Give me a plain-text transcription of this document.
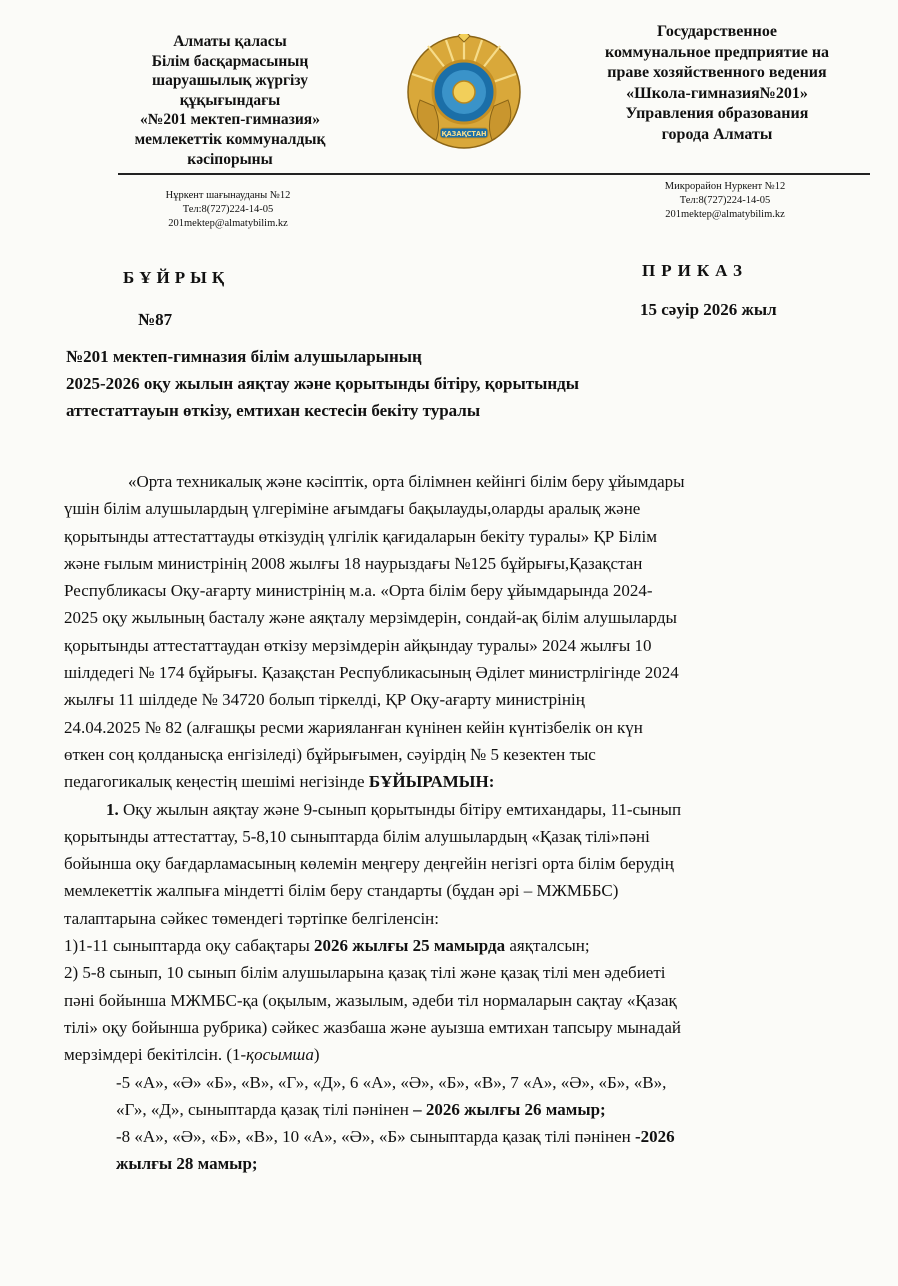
Алматы қаласы
Білім басқармасының
шаруашылық жүргізу
құқығындағы
«№201 мектеп-гимназия»
мемлекеттік коммуналдық
кәсіпорыны
ҚАЗАҚСТАН
Государственное
коммунальное предприятие на
праве хозяйственного ведения
«Школа-гимназия№201»
Управления образования
города Алматы
Нұркент шағынауданы №12
Тел:8(727)224-14-05
201mektep@almatybilim.kz
Микрорайон Нуркент №12
Тел:8(727)224-14-05
201mektep@almatybilim.kz
БҰЙРЫҚ
№87
ПРИКАЗ
15 сәуір 2026 жыл
№201 мектеп-гимназия білім алушыларының
2025-2026 оқу жылын аяқтау және қорытынды бітіру, қорытынды
аттестаттауын өткізу, емтихан кестесін бекіту туралы
«Орта техникалық және кәсіптік, орта білімнен кейінгі білім беру ұйымдары
үшін білім алушылардың үлгеріміне ағымдағы бақылауды,оларды аралық және
қорытынды аттестаттауды өткізудің үлгілік қағидаларын бекіту туралы» ҚР Білім
және ғылым министрінің 2008 жылғы 18 наурыздағы №125 бұйрығы,Қазақстан
Республикасы Оқу-ағарту министрінің м.а. «Орта білім беру ұйымдарында 2024-
2025 оқу жылының басталу және аяқталу мерзімдерін, сондай-ақ білім алушыларды
қорытынды аттестаттаудан өткізу мерзімдерін айқындау туралы» 2024 жылғы 10
шілдедегі № 174 бұйрығы. Қазақстан Республикасының Әділет министрлігінде 2024
жылғы 11 шілдеде № 34720 болып тіркелді, ҚР Оқу-ағарту министрінің
24.04.2025 № 82 (алғашқы ресми жарияланған күнінен кейін күнтізбелік он күн
өткен соң қолданысқа енгізіледі) бұйрығымен, сәуірдің № 5 кезектен тыс
педагогикалық кеңестің шешімі негізінде БҰЙЫРАМЫН:
1. Оқу жылын аяқтау және 9-сынып қорытынды бітіру емтихандары, 11-сынып
қорытынды аттестаттау, 5-8,10 сыныптарда білім алушылардың «Қазақ тілі»пәні
бойынша оқу бағдарламасының көлемін меңгеру деңгейін негізгі орта білім берудің
мемлекеттік жалпыға міндетті білім беру стандарты (бұдан әрі – МЖМББС)
талаптарына сәйкес төмендегі тәртіпке белгіленсін:
1)1-11 сыныптарда оқу сабақтары 2026 жылғы 25 мамырда аяқталсын;
2) 5-8 сынып, 10 сынып білім алушыларына қазақ тілі және қазақ тілі мен әдебиеті
пәні бойынша МЖМБС-қа (оқылым, жазылым, әдеби тіл нормаларын сақтау «Қазақ
тілі» оқу бойынша рубрика) сәйкес жазбаша және ауызша емтихан тапсыру мынадай
мерзімдері бекітілсін. (1-қосымша)
-5 «А», «Ә» «Б», «В», «Г», «Д», 6 «А», «Ә», «Б», «В», 7 «А», «Ә», «Б», «В»,
«Г», «Д», сыныптарда қазақ тілі пәнінен – 2026 жылғы 26 мамыр;
-8 «А», «Ә», «Б», «В», 10 «А», «Ә», «Б» сыныптарда қазақ тілі пәнінен -2026
жылғы 28 мамыр;
